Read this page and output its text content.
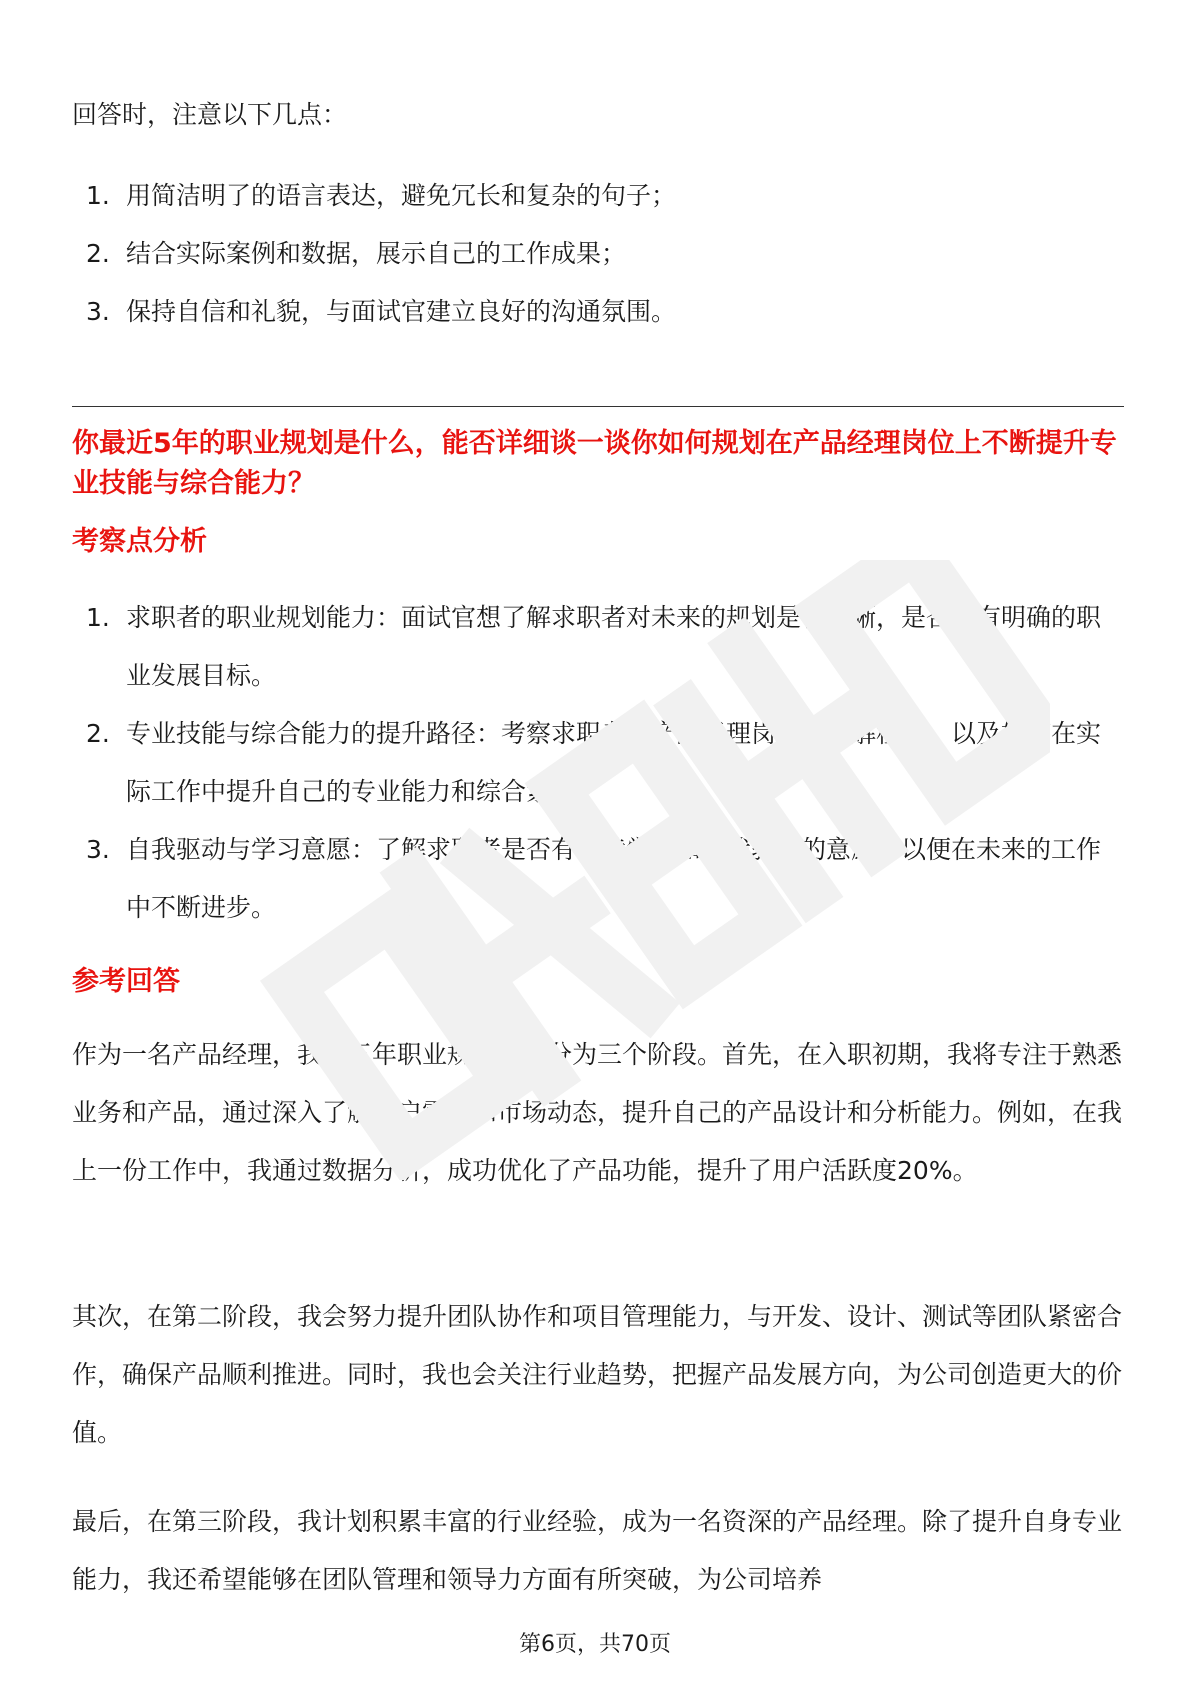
回答时，注意以下几点：

1. 用简洁明了的语言表达，避免冗长和复杂的句子；
2. 结合实际案例和数据，展示自己的工作成果；
3. 保持自信和礼貌，与面试官建立良好的沟通氛围。
你最近5年的职业规划是什么，能否详细谈一谈你如何规划在产品经理岗位上不断提升专业技能与综合能力？
考察点分析
1. 求职者的职业规划能力：面试官想了解求职者对未来的规划是否清晰，是否具有明确的职业发展目标。
2. 专业技能与综合能力的提升路径：考察求职者对产品经理岗位的理解程度，以及如何在实际工作中提升自己的专业能力和综合素质。
3. 自我驱动与学习意愿：了解求职者是否有持续学习和自我驱动的意愿，以便在未来的工作中不断进步。
参考回答

作为一名产品经理，我的五年职业规划主要分为三个阶段。首先，在入职初期，我将专注于熟悉业务和产品，通过深入了解用户需求和市场动态，提升自己的产品设计和分析能力。例如，在我上一份工作中，我通过数据分析，成功优化了产品功能，提升了用户活跃度20%。

其次，在第二阶段，我会努力提升团队协作和项目管理能力，与开发、设计、测试等团队紧密合作，确保产品顺利推进。同时，我也会关注行业趋势，把握产品发展方向，为公司创造更大的价值。

最后，在第三阶段，我计划积累丰富的行业经验，成为一名资深的产品经理。除了提升自身专业能力，我还希望能够在团队管理和领导力方面有所突破，为公司培养

第6页，共70页
